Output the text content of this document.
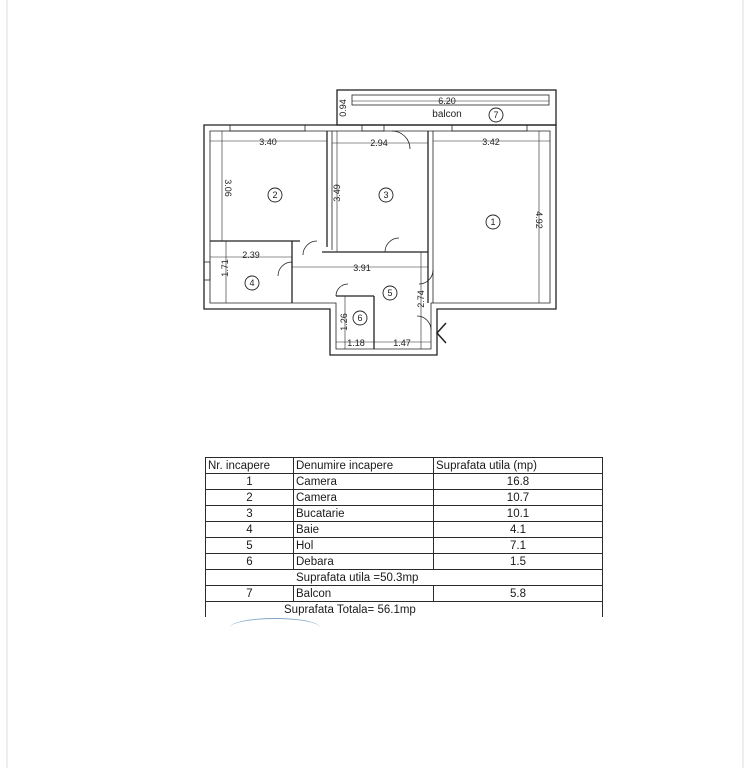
7
2	3
1
4
5
6
balcon
6.20
0.94
3.40	2.94	3.42
3.06	3.49
4.92
2.39
1.71	3.91
2.74
1.26
1.18	1.47
Nr. incapere	Denumire incapere	Suprafata utila (mp)
1	Camera	16.8
2	Camera	10.7
3	Bucatarie	10.1
4	Baie	4.1
5	Hol	7.1
6	Debara	1.5
Suprafata utila =50.3mp		
7	Balcon	5.8
Suprafata Totala= 56.1mp		
